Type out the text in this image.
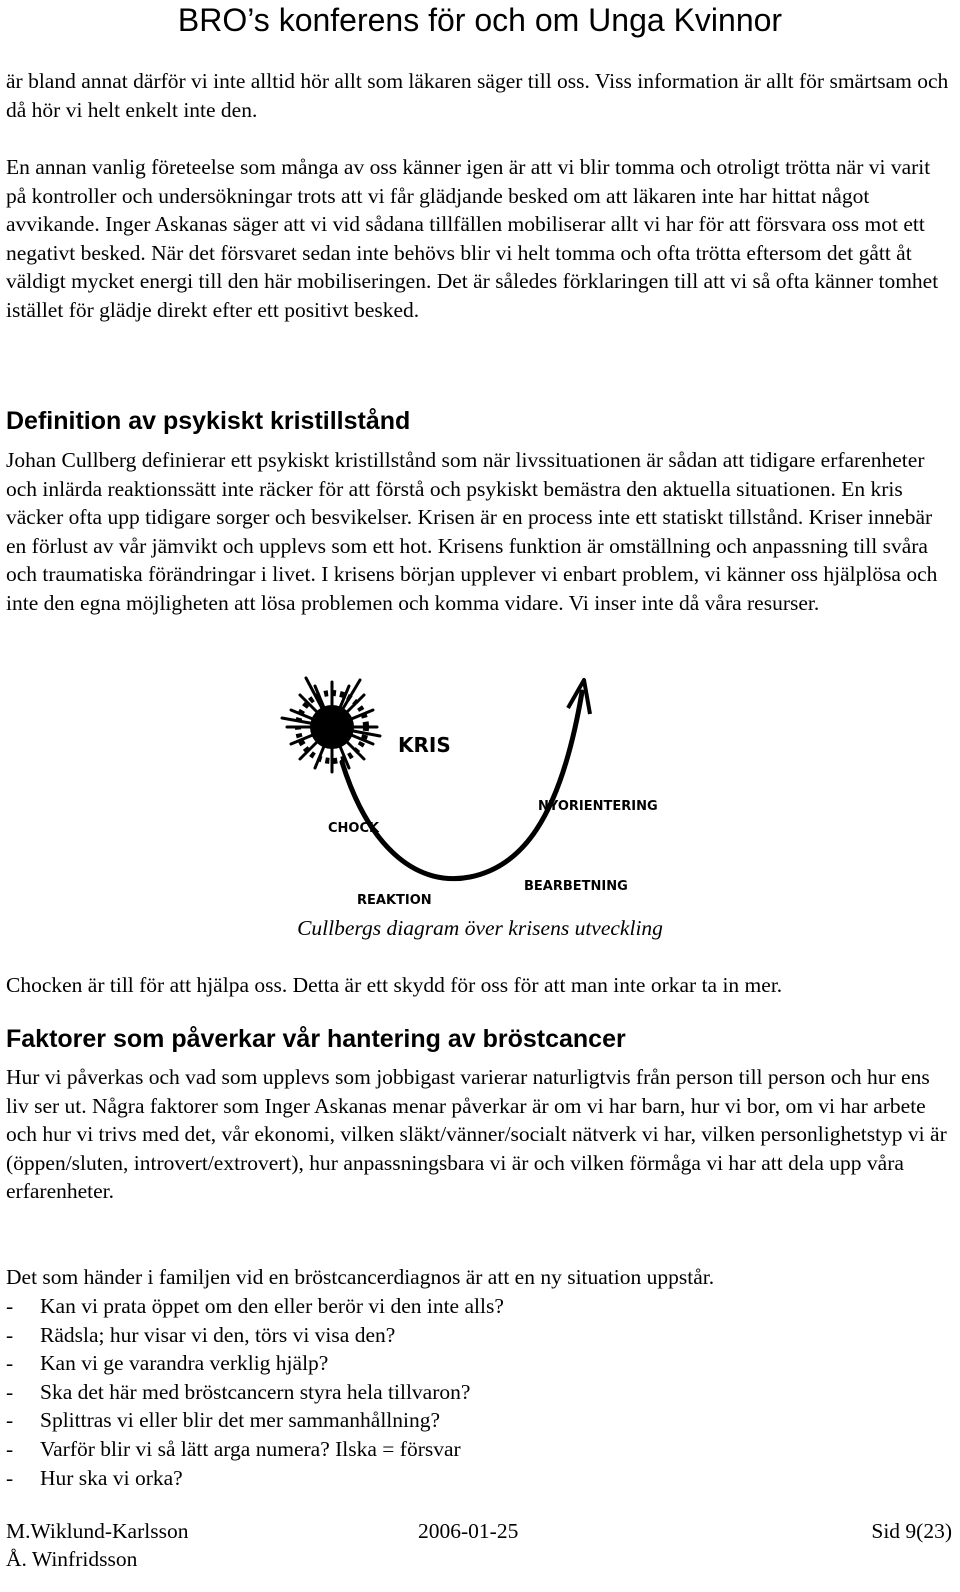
BRO’s konferens för och om Unga Kvinnor

är bland annat därför vi inte alltid hör allt som läkaren säger till oss. Viss information är allt för smärtsam och då hör vi helt enkelt inte den.

En annan vanlig företeelse som många av oss känner igen är att vi blir tomma och otroligt trötta när vi varit på kontroller och undersökningar trots att vi får glädjande besked om att läkaren inte har hittat något avvikande. Inger Askanas säger att vi vid sådana tillfällen mobiliserar allt vi har för att försvara oss mot ett negativt besked. När det försvaret sedan inte behövs blir vi helt tomma och ofta trötta eftersom det gått åt väldigt mycket energi till den här mobiliseringen. Det är således förklaringen till att vi så ofta känner tomhet istället för glädje direkt efter ett positivt besked.

Definition av psykiskt kristillstånd

Johan Cullberg definierar ett psykiskt kristillstånd som när livssituationen är sådan att tidigare erfarenheter och inlärda reaktionssätt inte räcker för att förstå och psykiskt bemästra den aktuella situationen. En kris väcker ofta upp tidigare sorger och besvikelser. Krisen är en process inte ett statiskt tillstånd. Kriser innebär en förlust av vår jämvikt och upplevs som ett hot. Krisens funktion är omställning och anpassning till svåra och traumatiska förändringar i livet. I krisens början upplever vi enbart problem, vi känner oss hjälplösa och inte den egna möjligheten att lösa problemen och komma vidare. Vi inser inte då våra resurser.

KRIS
CHOCK
REAKTION
BEARBETNING
NYORIENTERING
Cullbergs diagram över krisens utveckling

Chocken är till för att hjälpa oss. Detta är ett skydd för oss för att man inte orkar ta in mer.

Faktorer som påverkar vår hantering av bröstcancer

Hur vi påverkas och vad som upplevs som jobbigast varierar naturligtvis från person till person och hur ens liv ser ut. Några faktorer som Inger Askanas menar påverkar är om vi har barn, hur vi bor, om vi har arbete och hur vi trivs med det, vår ekonomi, vilken släkt/vänner/socialt nätverk vi har, vilken personlighetstyp vi är (öppen/sluten, introvert/extrovert), hur anpassningsbara vi är och vilken förmåga vi har att dela upp våra erfarenheter.

Det som händer i familjen vid en bröstcancerdiagnos är att en ny situation uppstår.

- Kan vi prata öppet om den eller berör vi den inte alls?
- Rädsla; hur visar vi den, törs vi visa den?
- Kan vi ge varandra verklig hjälp?
- Ska det här med bröstcancern styra hela tillvaron?
- Splittras vi eller blir det mer sammanhållning?
- Varför blir vi så lätt arga numera? Ilska = försvar
- Hur ska vi orka?
M.Wiklund-Karlsson	2006-01-25	Sid 9(23)
Å. Winfridsson
